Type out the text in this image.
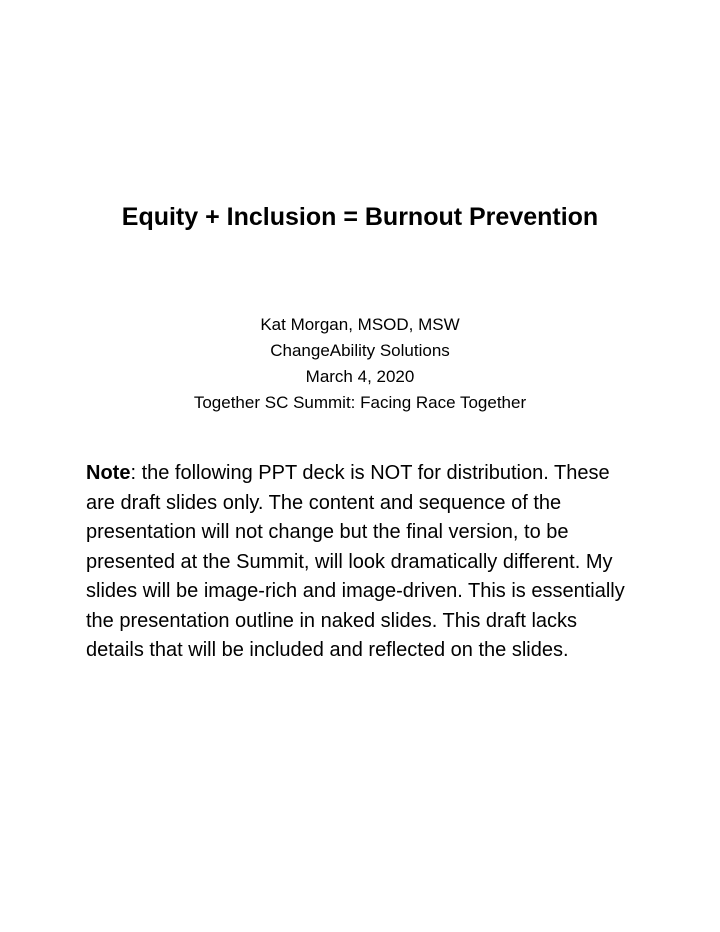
Equity + Inclusion = Burnout Prevention
Kat Morgan, MSOD, MSW
ChangeAbility Solutions
March 4, 2020
Together SC Summit: Facing Race Together

Note: the following PPT deck is NOT for distribution. These are draft slides only. The content and sequence of the presentation will not change but the final version, to be presented at the Summit, will look dramatically different. My slides will be image-rich and image-driven. This is essentially the presentation outline in naked slides. This draft lacks details that will be included and reflected on the slides.
